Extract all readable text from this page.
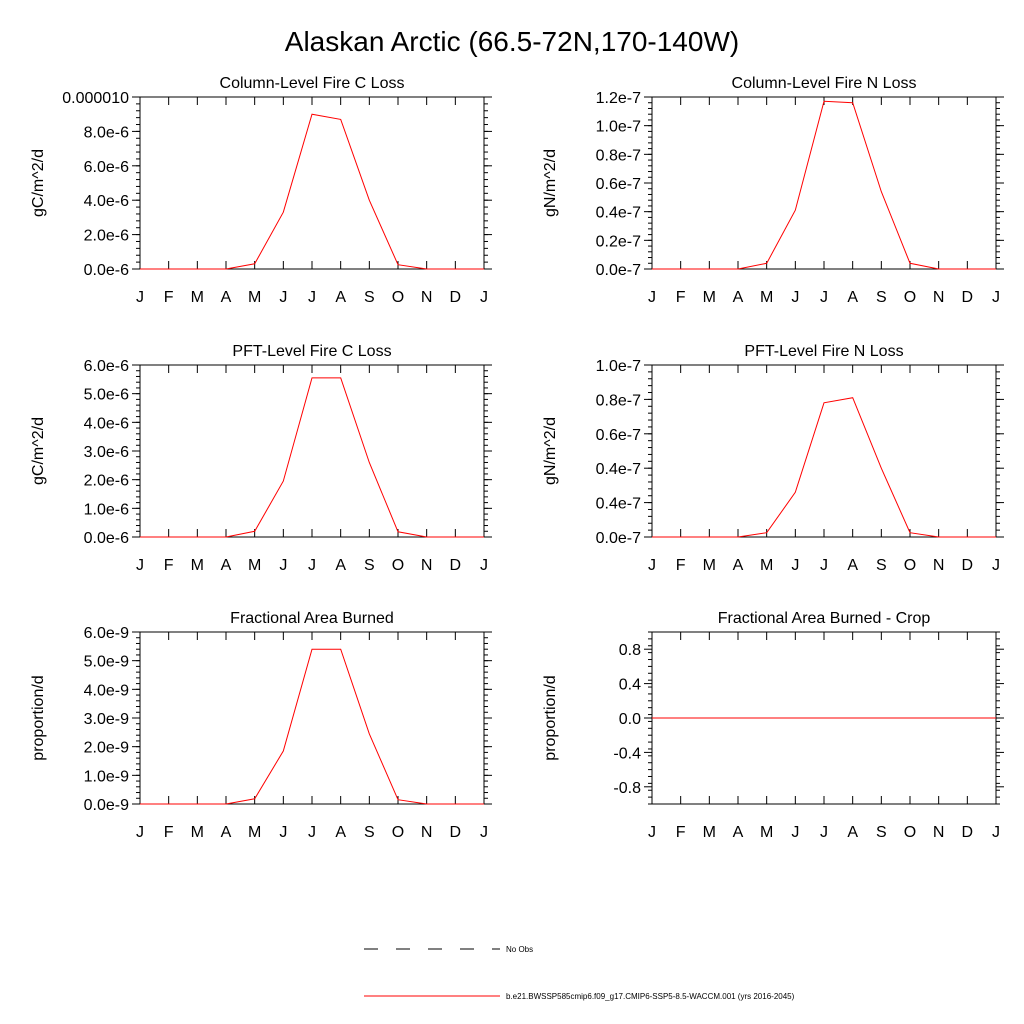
Alaskan Arctic (66.5-72N,170-140W)
J F M A M J J A S O N D J
0.0e-6
2.0e-6
4.0e-6
6.0e-6
8.0e-6
0.000010
Column-Level Fire C Loss
gC/m^2/d
J F M A M J J A S O N D J
0.0e-7
0.2e-7
0.4e-7
0.6e-7
0.8e-7
1.0e-7
1.2e-7
Column-Level Fire N Loss
gN/m^2/d
J F M A M J J A S O N D J
0.0e-6
1.0e-6
2.0e-6
3.0e-6
4.0e-6
5.0e-6
6.0e-6
PFT-Level Fire C Loss
gC/m^2/d
J F M A M J J A S O N D J
0.0e-7
0.4e-7
0.4e-7
0.6e-7
0.8e-7
1.0e-7
PFT-Level Fire N Loss
gN/m^2/d
J F M A M J J A S O N D J
0.0e-9
1.0e-9
2.0e-9
3.0e-9
4.0e-9
5.0e-9
6.0e-9
Fractional Area Burned
proportion/d
J F M A M J J A S O N D J
-0.8
-0.4
0.0
0.4
0.8
Fractional Area Burned - Crop
proportion/d
No Obs
b.e21.BWSSP585cmip6.f09_g17.CMIP6-SSP5-8.5-WACCM.001 (yrs 2016-2045)
